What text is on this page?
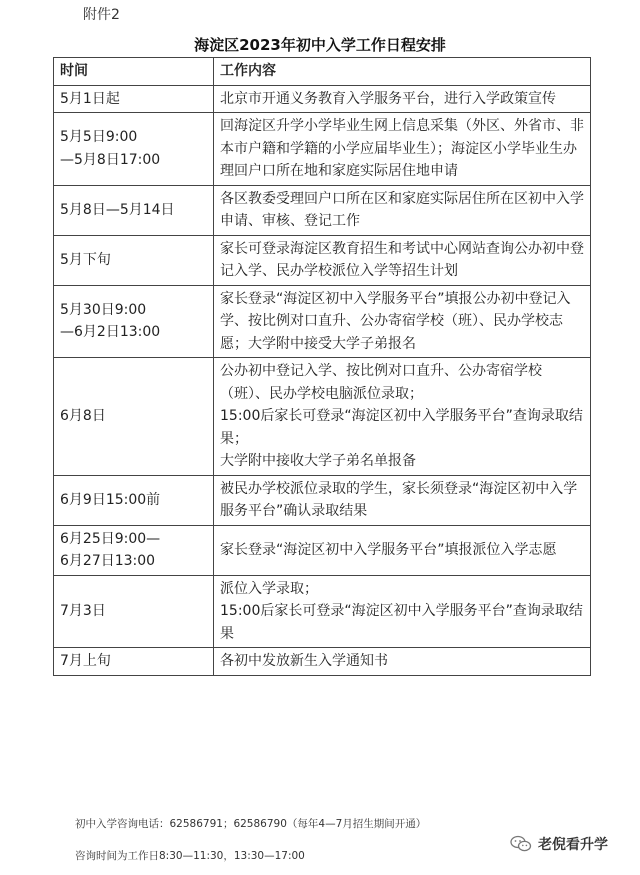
附件2
海淀区2023年初中入学工作日程安排
时间	工作内容
5月1日起	北京市开通义务教育入学服务平台，进行入学政策宣传

5月5日9:00
—5月8日17:00	回海淀区升学小学毕业生网上信息采集（外区、外省市、非本市户籍和学籍的小学应届毕业生）；海淀区小学毕业生办理回户口所在地和家庭实际居住地申请

5月8日—5月14日	各区教委受理回户口所在区和家庭实际居住所在区初中入学申请、审核、登记工作

5月下旬	家长可登录海淀区教育招生和考试中心网站查询公办初中登记入学、民办学校派位入学等招生计划

5月30日9:00
—6月2日13:00	家长登录“海淀区初中入学服务平台”填报公办初中登记入学、按比例对口直升、公办寄宿学校（班）、民办学校志愿；大学附中接受大学子弟报名

6月8日	公办初中登记入学、按比例对口直升、公办寄宿学校（班）、民办学校电脑派位录取；
15:00后家长可登录“海淀区初中入学服务平台”查询录取结果；
大学附中接收大学子弟名单报备

6月9日15:00前	被民办学校派位录取的学生，家长须登录“海淀区初中入学服务平台”确认录取结果

6月25日9:00—
6月27日13:00	家长登录“海淀区初中入学服务平台”填报派位入学志愿

7月3日	派位入学录取；
15:00后家长可登录“海淀区初中入学服务平台”查询录取结果

7月上旬	各初中发放新生入学通知书
初中入学咨询电话：62586791；62586790（每年4—7月招生期间开通）
咨询时间为工作日8:30—11:30，13:30—17:00
老倪看升学
